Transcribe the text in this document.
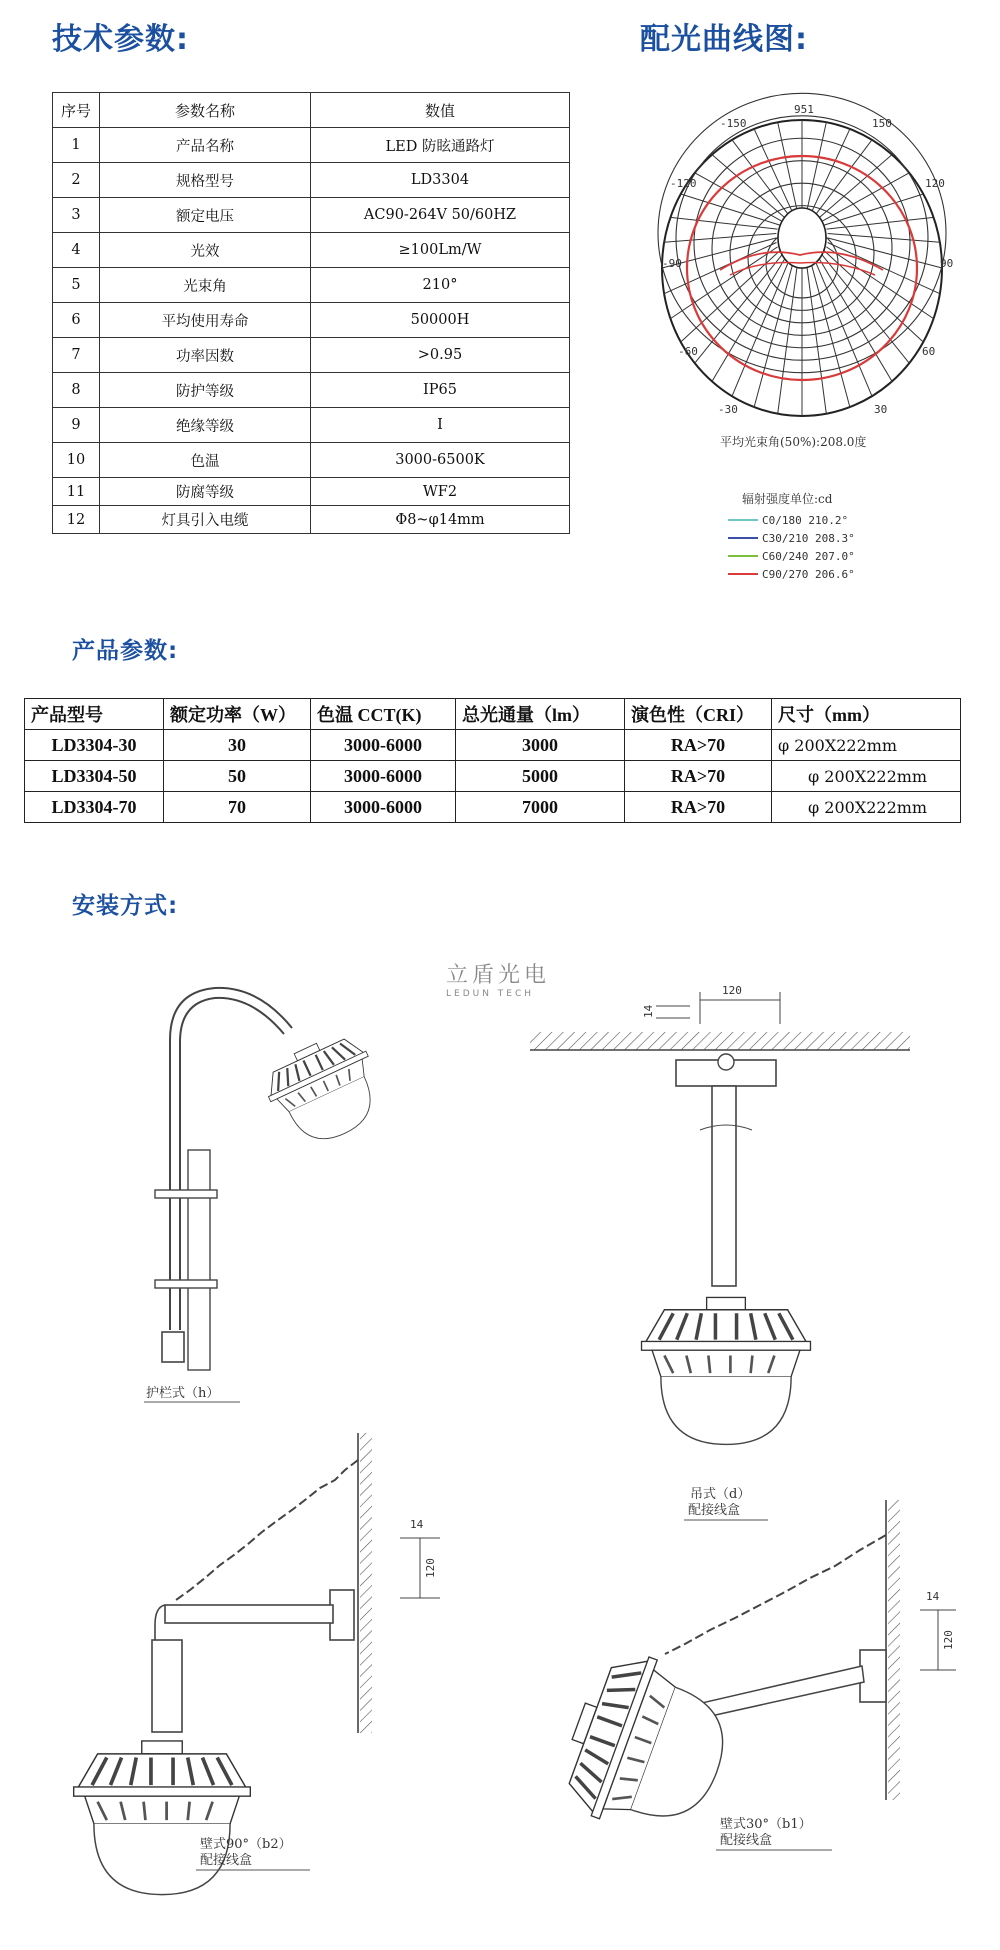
技术参数:	配光曲线图:
序号	参数名称	数值
1	产品名称	LED 防眩通路灯
2	规格型号	LD3304
3	额定电压	AC90-264V 50/60HZ
4	光效	≥100Lm/W
5	光束角	210°
6	平均使用寿命	50000H
7	功率因数	>0.95
8	防护等级	IP65
9	绝缘等级	Ⅰ
10	色温	3000-6500K
11	防腐等级	WF2
12	灯具引入电缆	Φ8~φ14mm
951
-150	150
-120	120
-90	90
-60	60
-30	30
平均光束角(50%):208.0度
辐射强度单位:cd
C0/180 210.2°
C30/210 208.3°
C60/240 207.0°
C90/270 206.6°
产品参数:
产品型号	额定功率（W）	色温 CCT(K)	总光通量（lm）	演色性（CRI）	尺寸（mm）
LD3304-30	30	3000-6000	3000	RA>70	φ 200X222mm
LD3304-50	50	3000-6000	5000	RA>70	φ 200X222mm
LD3304-70	70	3000-6000	7000	RA>70	φ 200X222mm
安装方式:
护栏式（h）
立盾光电
LEDUN TECH	120
14
吊式（d）
配接线盒
120
14
壁式90°（b2）
配接线盒
120
14
壁式30°（b1）
配接线盒
